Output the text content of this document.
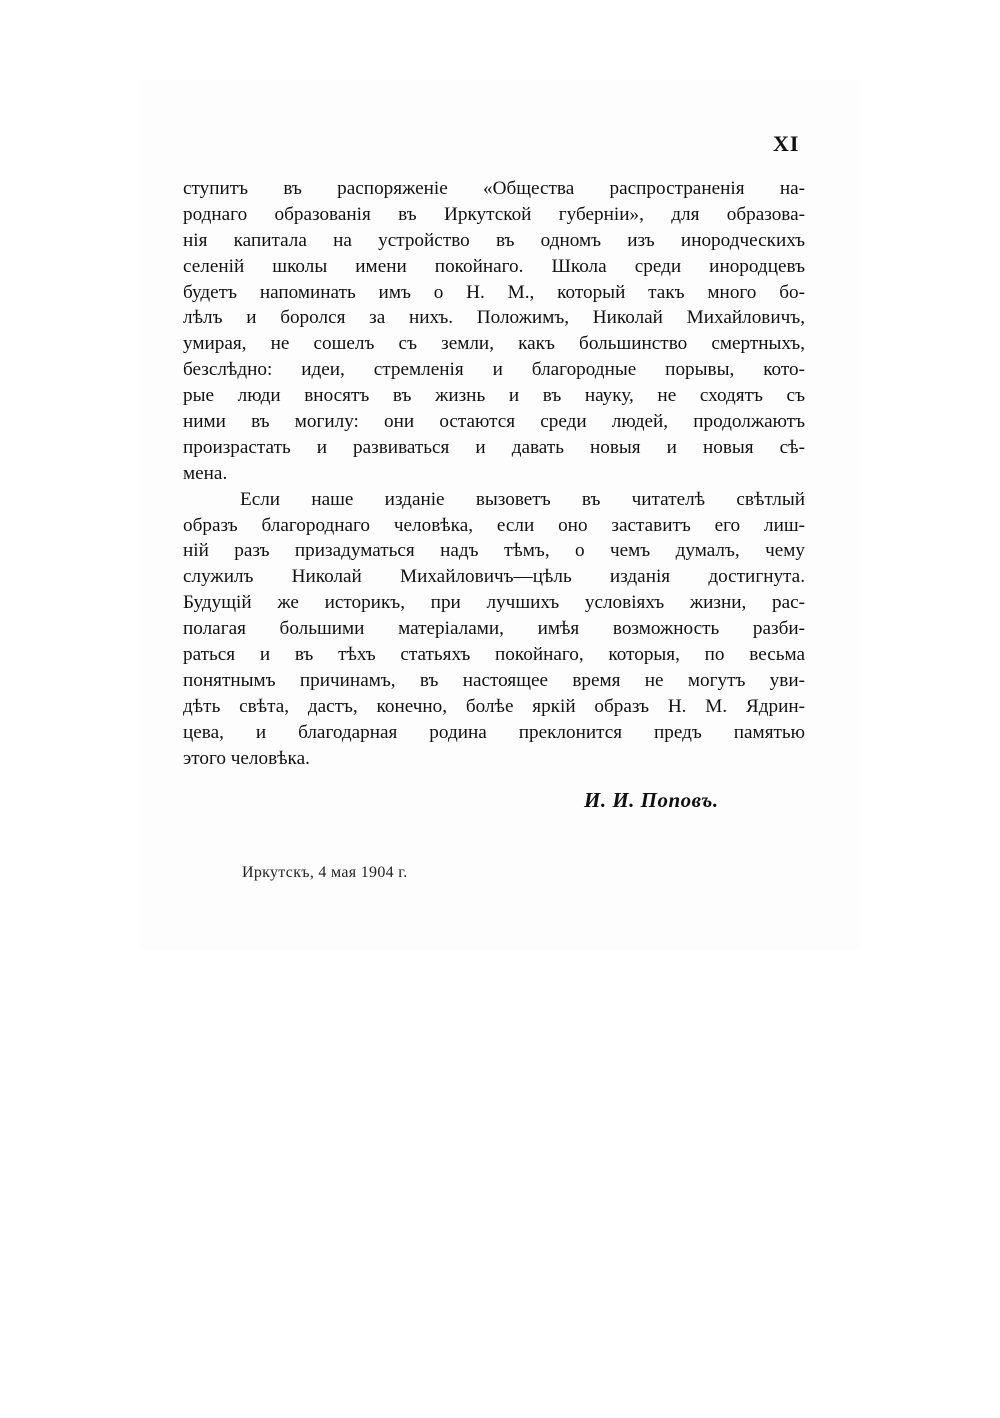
XI
ступитъ въ распоряженіе «Общества распространенія на-
роднаго образованія въ Иркутской губерніи», для образова-
нія капитала на устройство въ одномъ изъ инородческихъ
селеній школы имени покойнаго. Школа среди инородцевъ
будетъ напоминать имъ о Н. М., который такъ много бо-
лѣлъ и боролся за нихъ. Положимъ, Николай Михайловичъ,
умирая, не сошелъ съ земли, какъ большинство смертныхъ,
безслѣдно: идеи, стремленія и благородные порывы, кото-
рые люди вносятъ въ жизнь и въ науку, не сходятъ съ
ними въ могилу: они остаются среди людей, продолжаютъ
произрастать и развиваться и давать новыя и новыя сѣ-
мена.
Если наше изданіе вызоветъ въ читателѣ свѣтлый
образъ благороднаго человѣка, если оно заставитъ его лиш-
ній разъ призадуматься надъ тѣмъ, о чемъ думалъ, чему
служилъ Николай Михайловичъ—цѣль изданія достигнута.
Будущій же историкъ, при лучшихъ условіяхъ жизни, рас-
полагая большими матеріалами, имѣя возможность разби-
раться и въ тѣхъ статьяхъ покойнаго, которыя, по весьма
понятнымъ причинамъ, въ настоящее время не могутъ уви-
дѣть свѣта, дастъ, конечно, болѣе яркій образъ Н. М. Ядрин-
цева, и благодарная родина преклонится предъ памятью
этого человѣка.
И. И. Поповъ.
Иркутскъ, 4 мая 1904 г.
